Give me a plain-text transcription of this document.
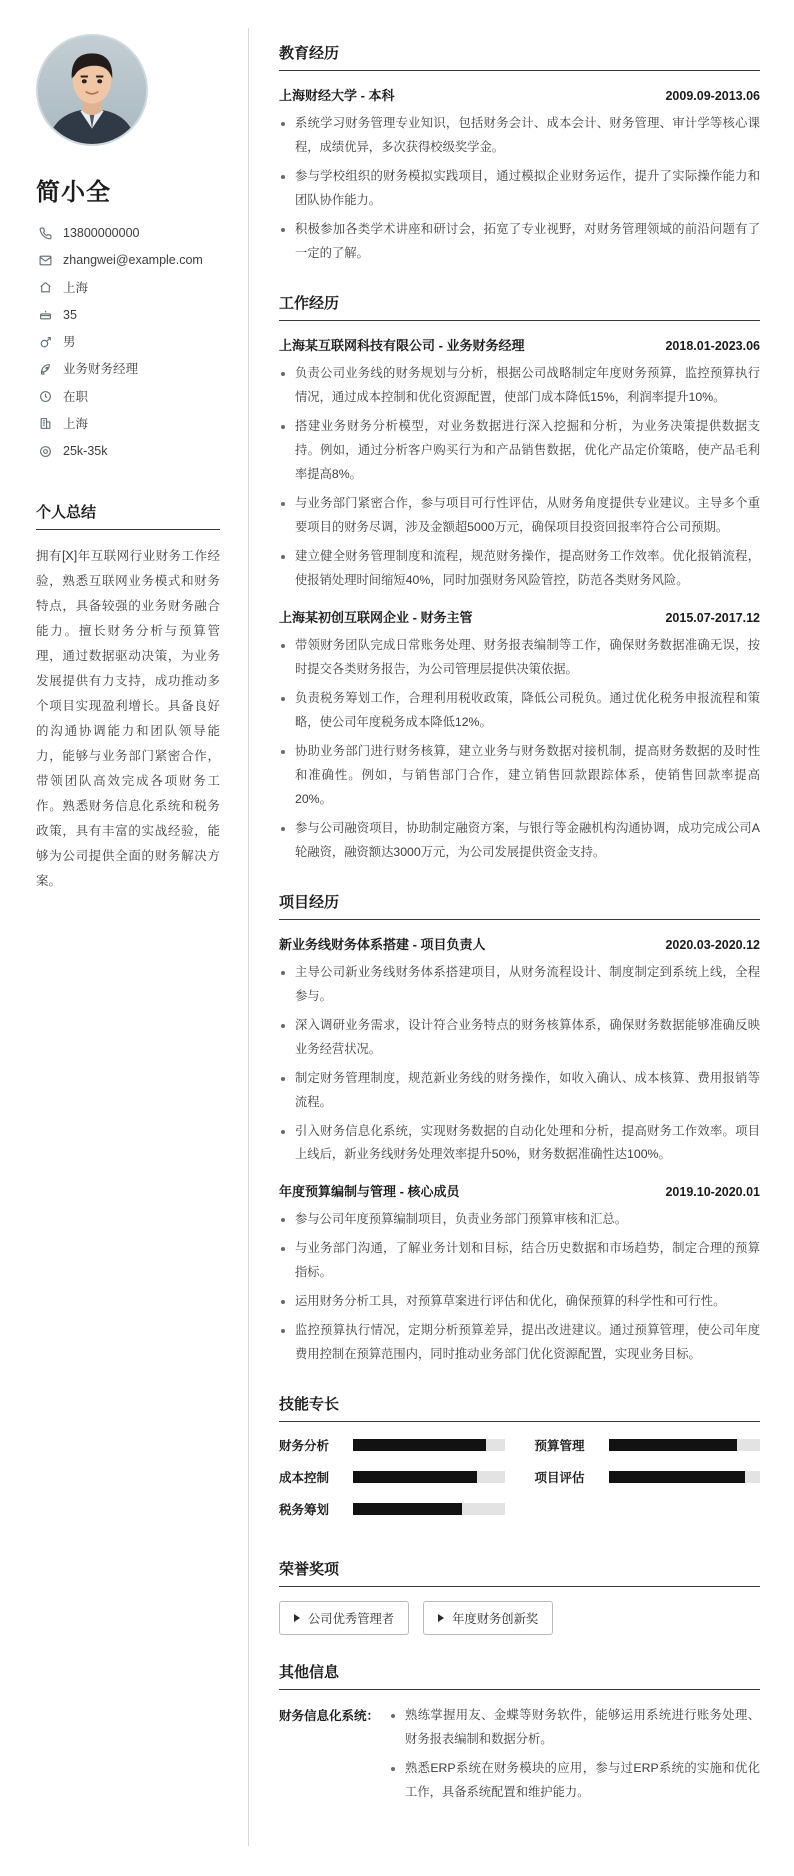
简小全
13800000000
zhangwei@example.com
上海
35
男
业务财务经理
在职
上海
25k-35k
个人总结

拥有[X]年互联网行业财务工作经验，熟悉互联网业务模式和财务特点，具备较强的业务财务融合能力。擅长财务分析与预算管理，通过数据驱动决策，为业务发展提供有力支持，成功推动多个项目实现盈利增长。具备良好的沟通协调能力和团队领导能力，能够与业务部门紧密合作，带领团队高效完成各项财务工作。熟悉财务信息化系统和税务政策，具有丰富的实战经验，能够为公司提供全面的财务解决方案。

教育经历
上海财经大学 - 本科	2009.09-2013.06
系统学习财务管理专业知识，包括财务会计、成本会计、财务管理、审计学等核心课程，成绩优异，多次获得校级奖学金。
参与学校组织的财务模拟实践项目，通过模拟企业财务运作，提升了实际操作能力和团队协作能力。
积极参加各类学术讲座和研讨会，拓宽了专业视野，对财务管理领域的前沿问题有了一定的了解。
工作经历
上海某互联网科技有限公司 - 业务财务经理	2018.01-2023.06
负责公司业务线的财务规划与分析，根据公司战略制定年度财务预算，监控预算执行情况，通过成本控制和优化资源配置，使部门成本降低15%，利润率提升10%。
搭建业务财务分析模型，对业务数据进行深入挖掘和分析，为业务决策提供数据支持。例如，通过分析客户购买行为和产品销售数据，优化产品定价策略，使产品毛利率提高8%。
与业务部门紧密合作，参与项目可行性评估，从财务角度提供专业建议。主导多个重要项目的财务尽调，涉及金额超5000万元，确保项目投资回报率符合公司预期。
建立健全财务管理制度和流程，规范财务操作，提高财务工作效率。优化报销流程，使报销处理时间缩短40%，同时加强财务风险管控，防范各类财务风险。
上海某初创互联网企业 - 财务主管	2015.07-2017.12
带领财务团队完成日常账务处理、财务报表编制等工作，确保财务数据准确无误，按时提交各类财务报告，为公司管理层提供决策依据。
负责税务筹划工作，合理利用税收政策，降低公司税负。通过优化税务申报流程和策略，使公司年度税务成本降低12%。
协助业务部门进行财务核算，建立业务与财务数据对接机制，提高财务数据的及时性和准确性。例如，与销售部门合作，建立销售回款跟踪体系，使销售回款率提高20%。
参与公司融资项目，协助制定融资方案，与银行等金融机构沟通协调，成功完成公司A轮融资，融资额达3000万元，为公司发展提供资金支持。
项目经历
新业务线财务体系搭建 - 项目负责人	2020.03-2020.12
主导公司新业务线财务体系搭建项目，从财务流程设计、制度制定到系统上线，全程参与。
深入调研业务需求，设计符合业务特点的财务核算体系，确保财务数据能够准确反映业务经营状况。
制定财务管理制度，规范新业务线的财务操作，如收入确认、成本核算、费用报销等流程。
引入财务信息化系统，实现财务数据的自动化处理和分析，提高财务工作效率。项目上线后，新业务线财务处理效率提升50%，财务数据准确性达100%。
年度预算编制与管理 - 核心成员	2019.10-2020.01
参与公司年度预算编制项目，负责业务部门预算审核和汇总。
与业务部门沟通，了解业务计划和目标，结合历史数据和市场趋势，制定合理的预算指标。
运用财务分析工具，对预算草案进行评估和优化，确保预算的科学性和可行性。
监控预算执行情况，定期分析预算差异，提出改进建议。通过预算管理，使公司年度费用控制在预算范围内，同时推动业务部门优化资源配置，实现业务目标。
技能专长
财务分析	预算管理
成本控制	项目评估
税务筹划
荣誉奖项
公司优秀管理者	年度财务创新奖
其他信息
财务信息化系统：	熟练掌握用友、金蝶等财务软件，能够运用系统进行账务处理、财务报表编制和数据分析。
熟悉ERP系统在财务模块的应用，参与过ERP系统的实施和优化工作，具备系统配置和维护能力。
